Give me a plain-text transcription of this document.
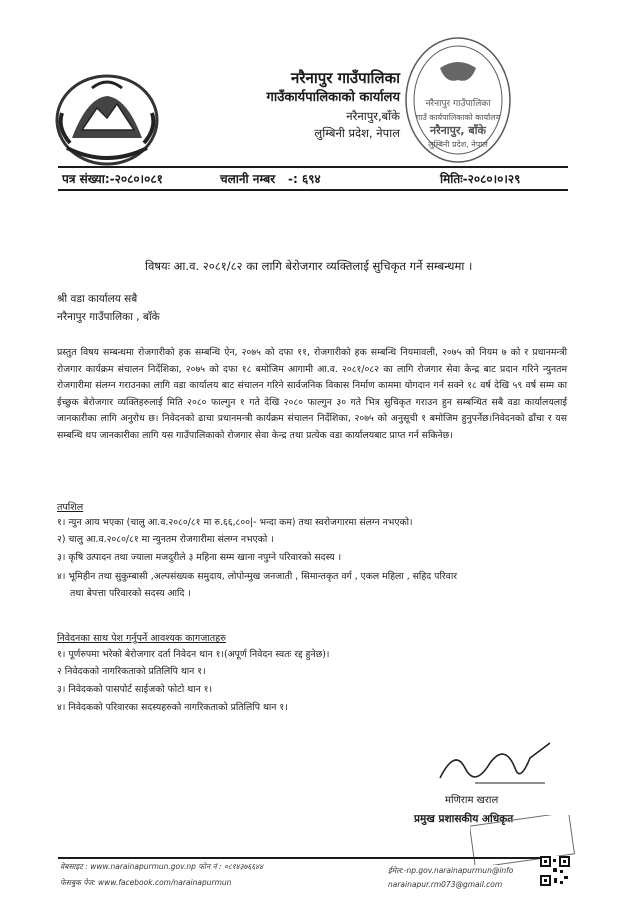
नरैनापुर गाउँपालिका
गाउँकार्यपालिकाको कार्यालय
नरैनापुर,बाँके
लुम्बिनी प्रदेश, नेपाल
नरैनापुर गाउँपालिका
गाउँ कार्यपालिकाको कार्यालय
नरैनापुर, बाँके
लुम्बिनी प्रदेश, नेपाल
पत्र संख्या:-२०८०।०८१	चलानी नम्बर -: ६९४	मितिः-२०८०।०।२९
विषयः आ.व. २०८१/८२ का लागि बेरोजगार व्यक्तिलाई सुचिकृत गर्ने सम्बन्धमा ।
श्री वडा कार्यालय सबै
नरैनापुर गाउँपालिका , बाँके
प्रस्तुत विषय सम्बन्धमा रोजगारीको हक सम्बन्धि ऐन, २०७५ को दफा ११, रोजगारीको हक सम्बन्धि नियमावली, २०७५ को नियम ७ को र प्रधानमन्त्री रोजगार कार्यक्रम संचालन निर्देशिका, २०७५ को दफा १८ बमोजिम आगामी आ.व. २०८१/०८२ का लागि रोजगार सेवा केन्द्र बाट प्रदान गरिने न्युनतम रोजगारीमा संलग्न गराउनका लागि वडा कार्यालय बाट संचालन गरिने सार्वजनिक विकास निर्माण काममा योगदान गर्न सक्ने १८ वर्ष देखि ५९ वर्ष सम्म का ईच्छुक बेरोजगार व्यक्तिहरुलाई मिति २०८० फाल्गुन १ गते देखि २०८० फाल्गुन ३० गते भित्र सुचिकृत गराउन हुन सम्बन्धित सबै वडा कार्यालयलाई जानकारीका लागि अनुरोध छ। निवेदनको ढाचा प्रधानमन्त्री कार्यक्रम संचालन निर्देशिका, २०७५ को अनुसूची १ बमोजिम हुनुपर्नेछ।निवेदनको ढाँचा र यस सम्बन्धि थप जानकारीका लागि यस गाउँपालिकाको रोजगार सेवा केन्द्र तथा प्रत्येक वडा कार्यालयबाट प्राप्त गर्न सकिनेछ।
तपशिल
१। न्युन आय भएका (चालु आ.व.२०८०/८१ मा रु.६६,८००|- भन्दा कम) तथा स्वरोजगारमा संलग्न नभएको।
२) चालु आ.व.२०८०/८१ मा न्युनतम रोजगारीमा संलग्न नभएको ।
३। कृषि उत्पादन तथा ज्याला मजदुरीले ३ महिना सम्म खाना नपुग्ने परिवारको सदस्य ।
४। भूमिहीन तथा सुकुम्बासी ,अल्पसंख्यक समुदाय, लोपोन्मुख जनजाती , सिमान्तकृत वर्ग , एकल महिला , सहिद परिवार
तथा बेपत्ता परिवारको सदस्य आदि ।
निवेदनका साथ पेश गर्नुपर्ने आवश्यक कागजातहरु
१। पूर्णरुपमा भरेको बेरोजगार दर्ता निवेदन थान १।(अपूर्ण निवेदन स्वतः रद्द हुनेछ)।
२ निवेदकको नागरिकताको प्रतिलिपि थान १।
३। निवेदकको पासपोर्ट साईजको फोटो थान १।
४। निवेदकको परिवारका सदस्यहरुको नागरिकताको प्रतिलिपि थान १।
मणिराम खराल
प्रमुख प्रशासकीय अधिकृत
वेबसाइट : www.narainapurmun.gov.np फोन नं : ०८१४३७६६४४
फेसबुक पेज: www.facebook.com/narainapurmun
ईमेल:-np.gov.narainapurmun@info
narainapur.rm073@gmail.com
